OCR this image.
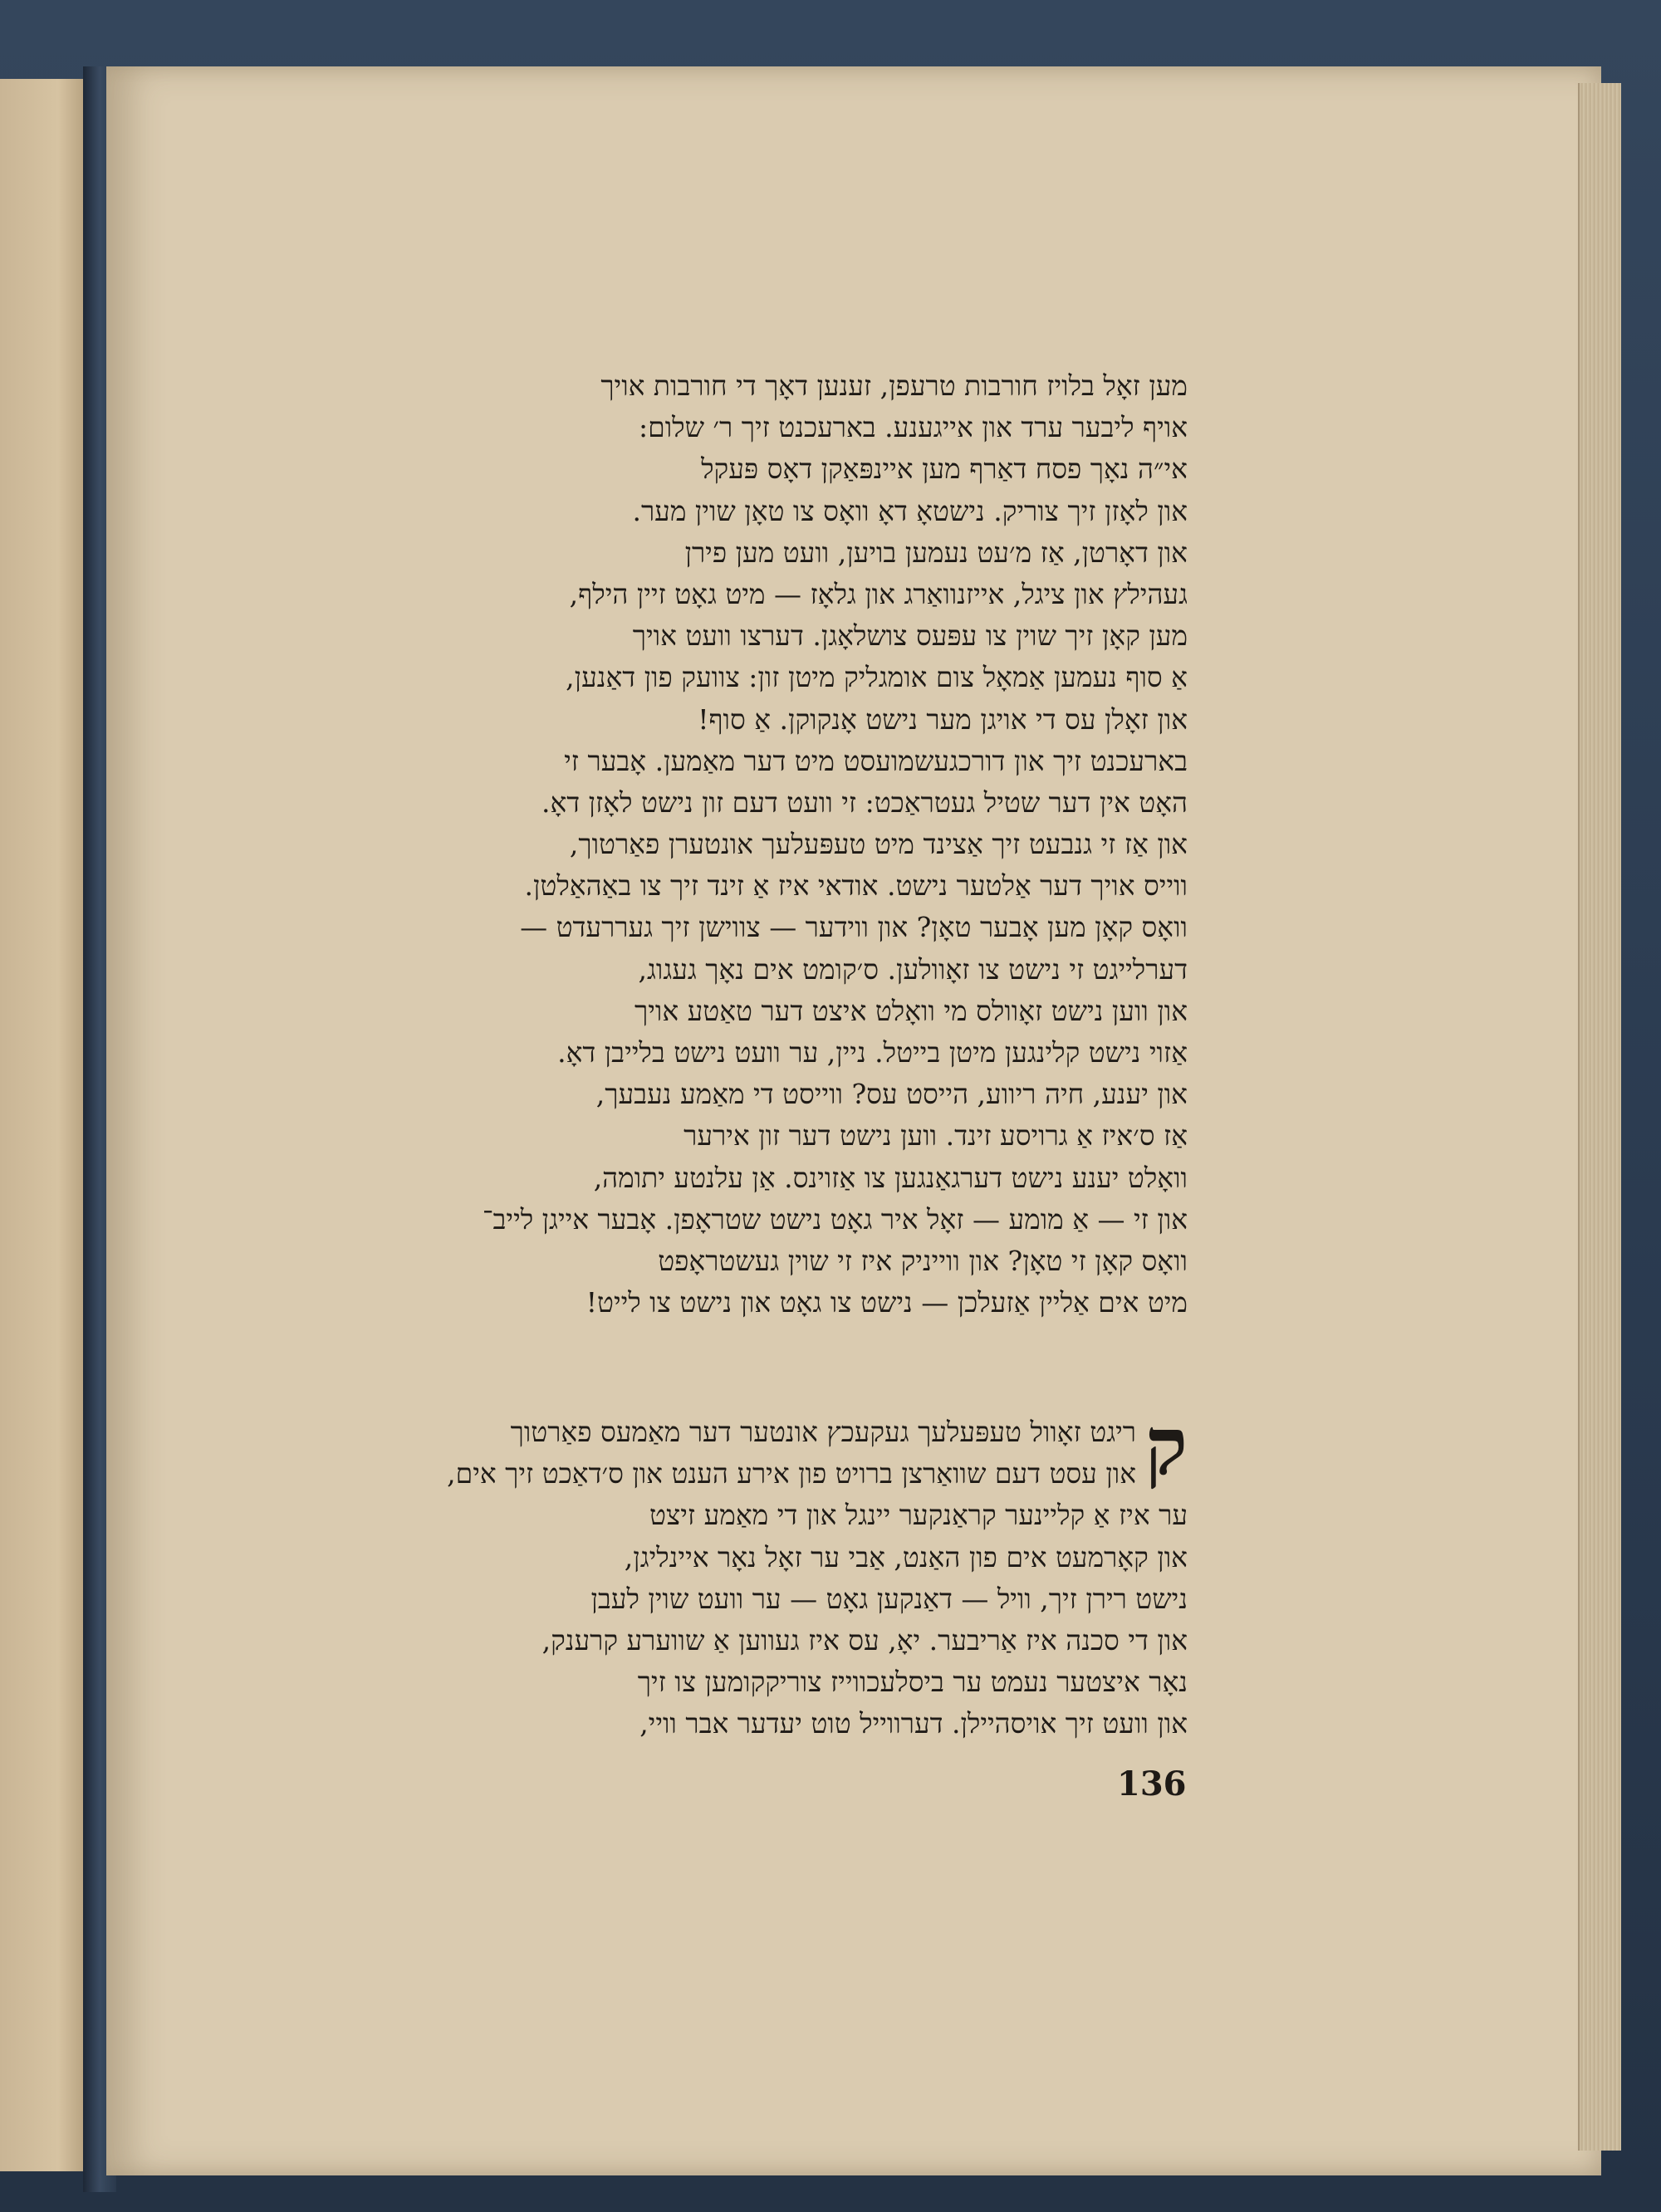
מען זאָל בלויז חורבות טרעפן, זענען דאָך די חורבות אויך
אויף ליבער ערד און אייגענע. בארעכנט זיך ר׳ שלום:
אי״ה נאָך פסח דאַרף מען איינפּאַקן דאָס פּעקל
און לאָזן זיך צוריק. נישטאָ דאָ וואָס צו טאָן שוין מער.
און דאָרטן, אַז מ׳עט נעמען בויען, וועט מען פירן
געהילץ און ציגל, אייזנוואַרג און גלאָז — מיט גאָט זיין הילף,
מען קאָן זיך שוין צו עפּעס צושלאָגן. דערצו וועט אויך
אַ סוף נעמען אַמאָל צום אומגליק מיטן זון: צוועק פון דאַנען,
און זאָלן עס די אויגן מער נישט אָנקוקן. אַ סוף!
בארעכנט זיך און דורכגעשמועסט מיט דער מאַמען. אָבער זי
האָט אין דער שטיל געטראַכט: זי וועט דעם זון נישט לאָזן דאָ.
און אַז זי גנבעט זיך אַצינד מיט טעפּעלעך אונטערן פאַרטוך,
ווייס אויך דער אַלטער נישט. אודאי איז אַ זינד זיך צו באַהאַלטן.
וואָס קאָן מען אָבער טאָן? און ווידער — צווישן זיך געררעדט —
דערלייגט זי נישט צו זאָוולען. ס׳קומט אים נאָך געגוג,
און ווען נישט זאָוולס מי וואָלט איצט דער טאַטע אויך
אַזוי נישט קלינגען מיטן בייטל. ניין, ער וועט נישט בלייבן דאָ.
און יענע, חיה ריווע, הייסט עס? ווייסט די מאַמע נעבעך,
אַז ס׳איז אַ גרויסע זינד. ווען נישט דער זון אירער
וואָלט יענע נישט דערגאַנגען צו אַזוינס. אַן עלנטע יתומה,
און זי — אַ מומע — זאָל איר גאָט נישט שטראָפן. אָבער אייגן לייב־
וואָס קאָן זי טאָן? און ווייניק איז זי שוין געשטראָפט
מיט אים אַליין אַזעלכן — נישט צו גאָט און נישט צו לייט!
ק
ריגט זאָוול טעפּעלעך געקעכץ אונטער דער מאַמעס פאַרטוך
און עסט דעם שוואַרצן ברויט פון אירע הענט און ס׳דאַכט זיך אים,
ער איז אַ קליינער קראַנקער יינגל און די מאַמע זיצט
און קאָרמעט אים פון האַנט, אַבי ער זאָל נאָר איינליגן,
נישט רירן זיך, וויל — דאַנקען גאָט — ער וועט שוין לעבן
און די סכנה איז אַריבער. יאָ, עס איז געווען אַ שווערע קרענק,
נאָר איצטער נעמט ער ביסלעכווייז צוריקקומען צו זיך
און וועט זיך אויסהיילן. דערווייל טוט יעדער אבר וויי,
136
